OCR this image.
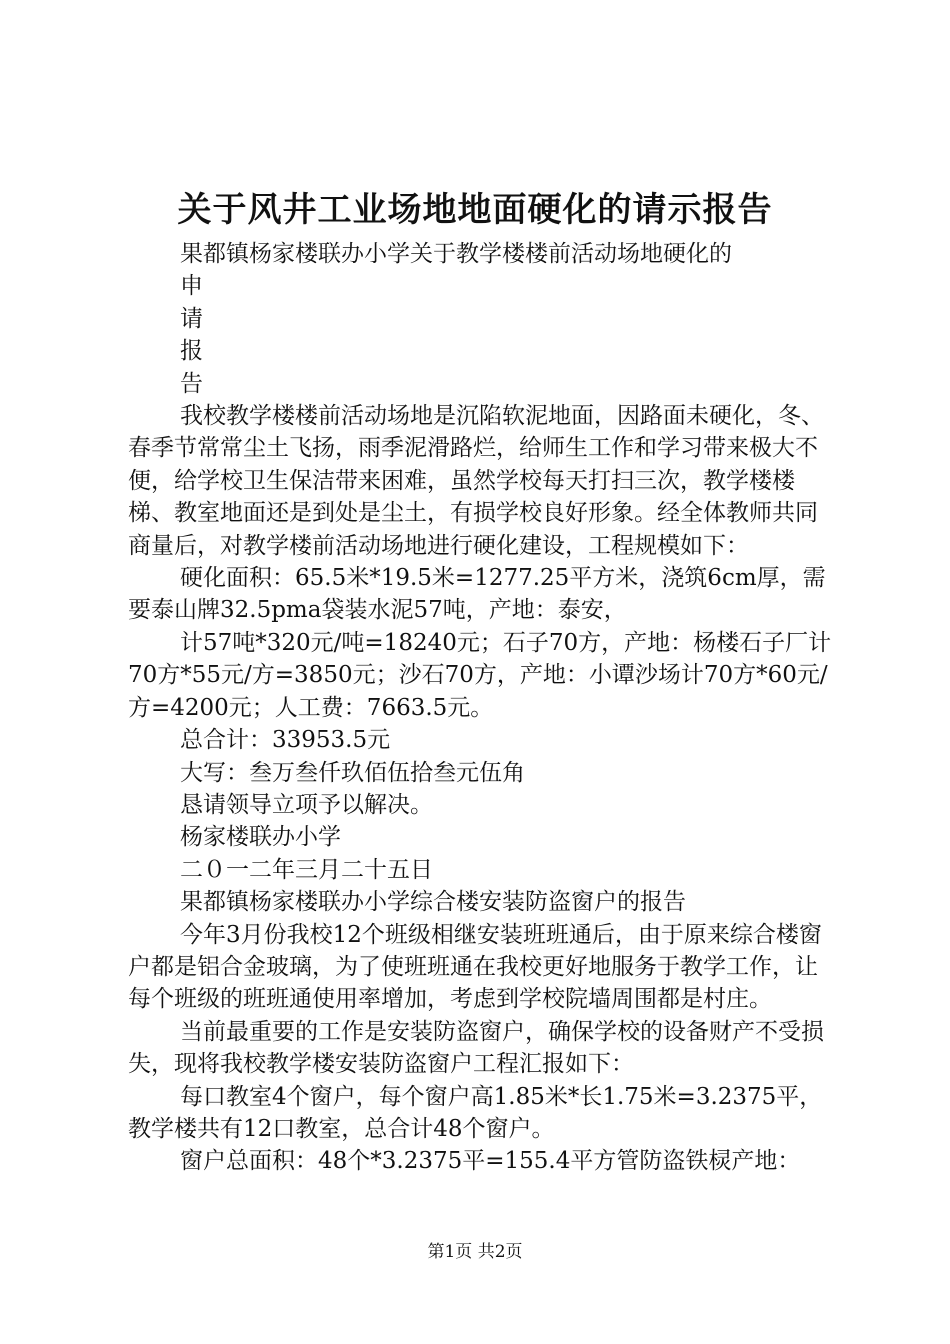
关于风井工业场地地面硬化的请示报告

果都镇杨家楼联办小学关于教学楼楼前活动场地硬化的

申

请

报

告

我校教学楼楼前活动场地是沉陷软泥地面，因路面未硬化，冬、春季节常常尘土飞扬，雨季泥滑路烂，给师生工作和学习带来极大不便，给学校卫生保洁带来困难，虽然学校每天打扫三次，教学楼楼梯、教室地面还是到处是尘土，有损学校良好形象。经全体教师共同商量后，对教学楼前活动场地进行硬化建设，工程规模如下：

硬化面积：65.5米*19.5米=1277.25平方米，浇筑6cm厚，需要泰山牌32.5pma袋装水泥57吨，产地：泰安，

计57吨*320元/吨=18240元；石子70方，产地：杨楼石子厂计70方*55元/方=3850元；沙石70方，产地：小谭沙场计70方*60元/方=4200元；人工费：7663.5元。

总合计：33953.5元

大写：叁万叁仟玖佰伍拾叁元伍角

恳请领导立项予以解决。

杨家楼联办小学

二０一二年三月二十五日

果都镇杨家楼联办小学综合楼安装防盗窗户的报告

今年3月份我校12个班级相继安装班班通后，由于原来综合楼窗户都是铝合金玻璃，为了使班班通在我校更好地服务于教学工作，让每个班级的班班通使用率增加，考虑到学校院墙周围都是村庄。

当前最重要的工作是安装防盗窗户，确保学校的设备财产不受损失，现将我校教学楼安装防盗窗户工程汇报如下：

每口教室4个窗户，每个窗户高1.85米*长1.75米=3.2375平，教学楼共有12口教室，总合计48个窗户。

窗户总面积：48个*3.2375平=155.4平方管防盗铁棂产地：

第1页 共2页
